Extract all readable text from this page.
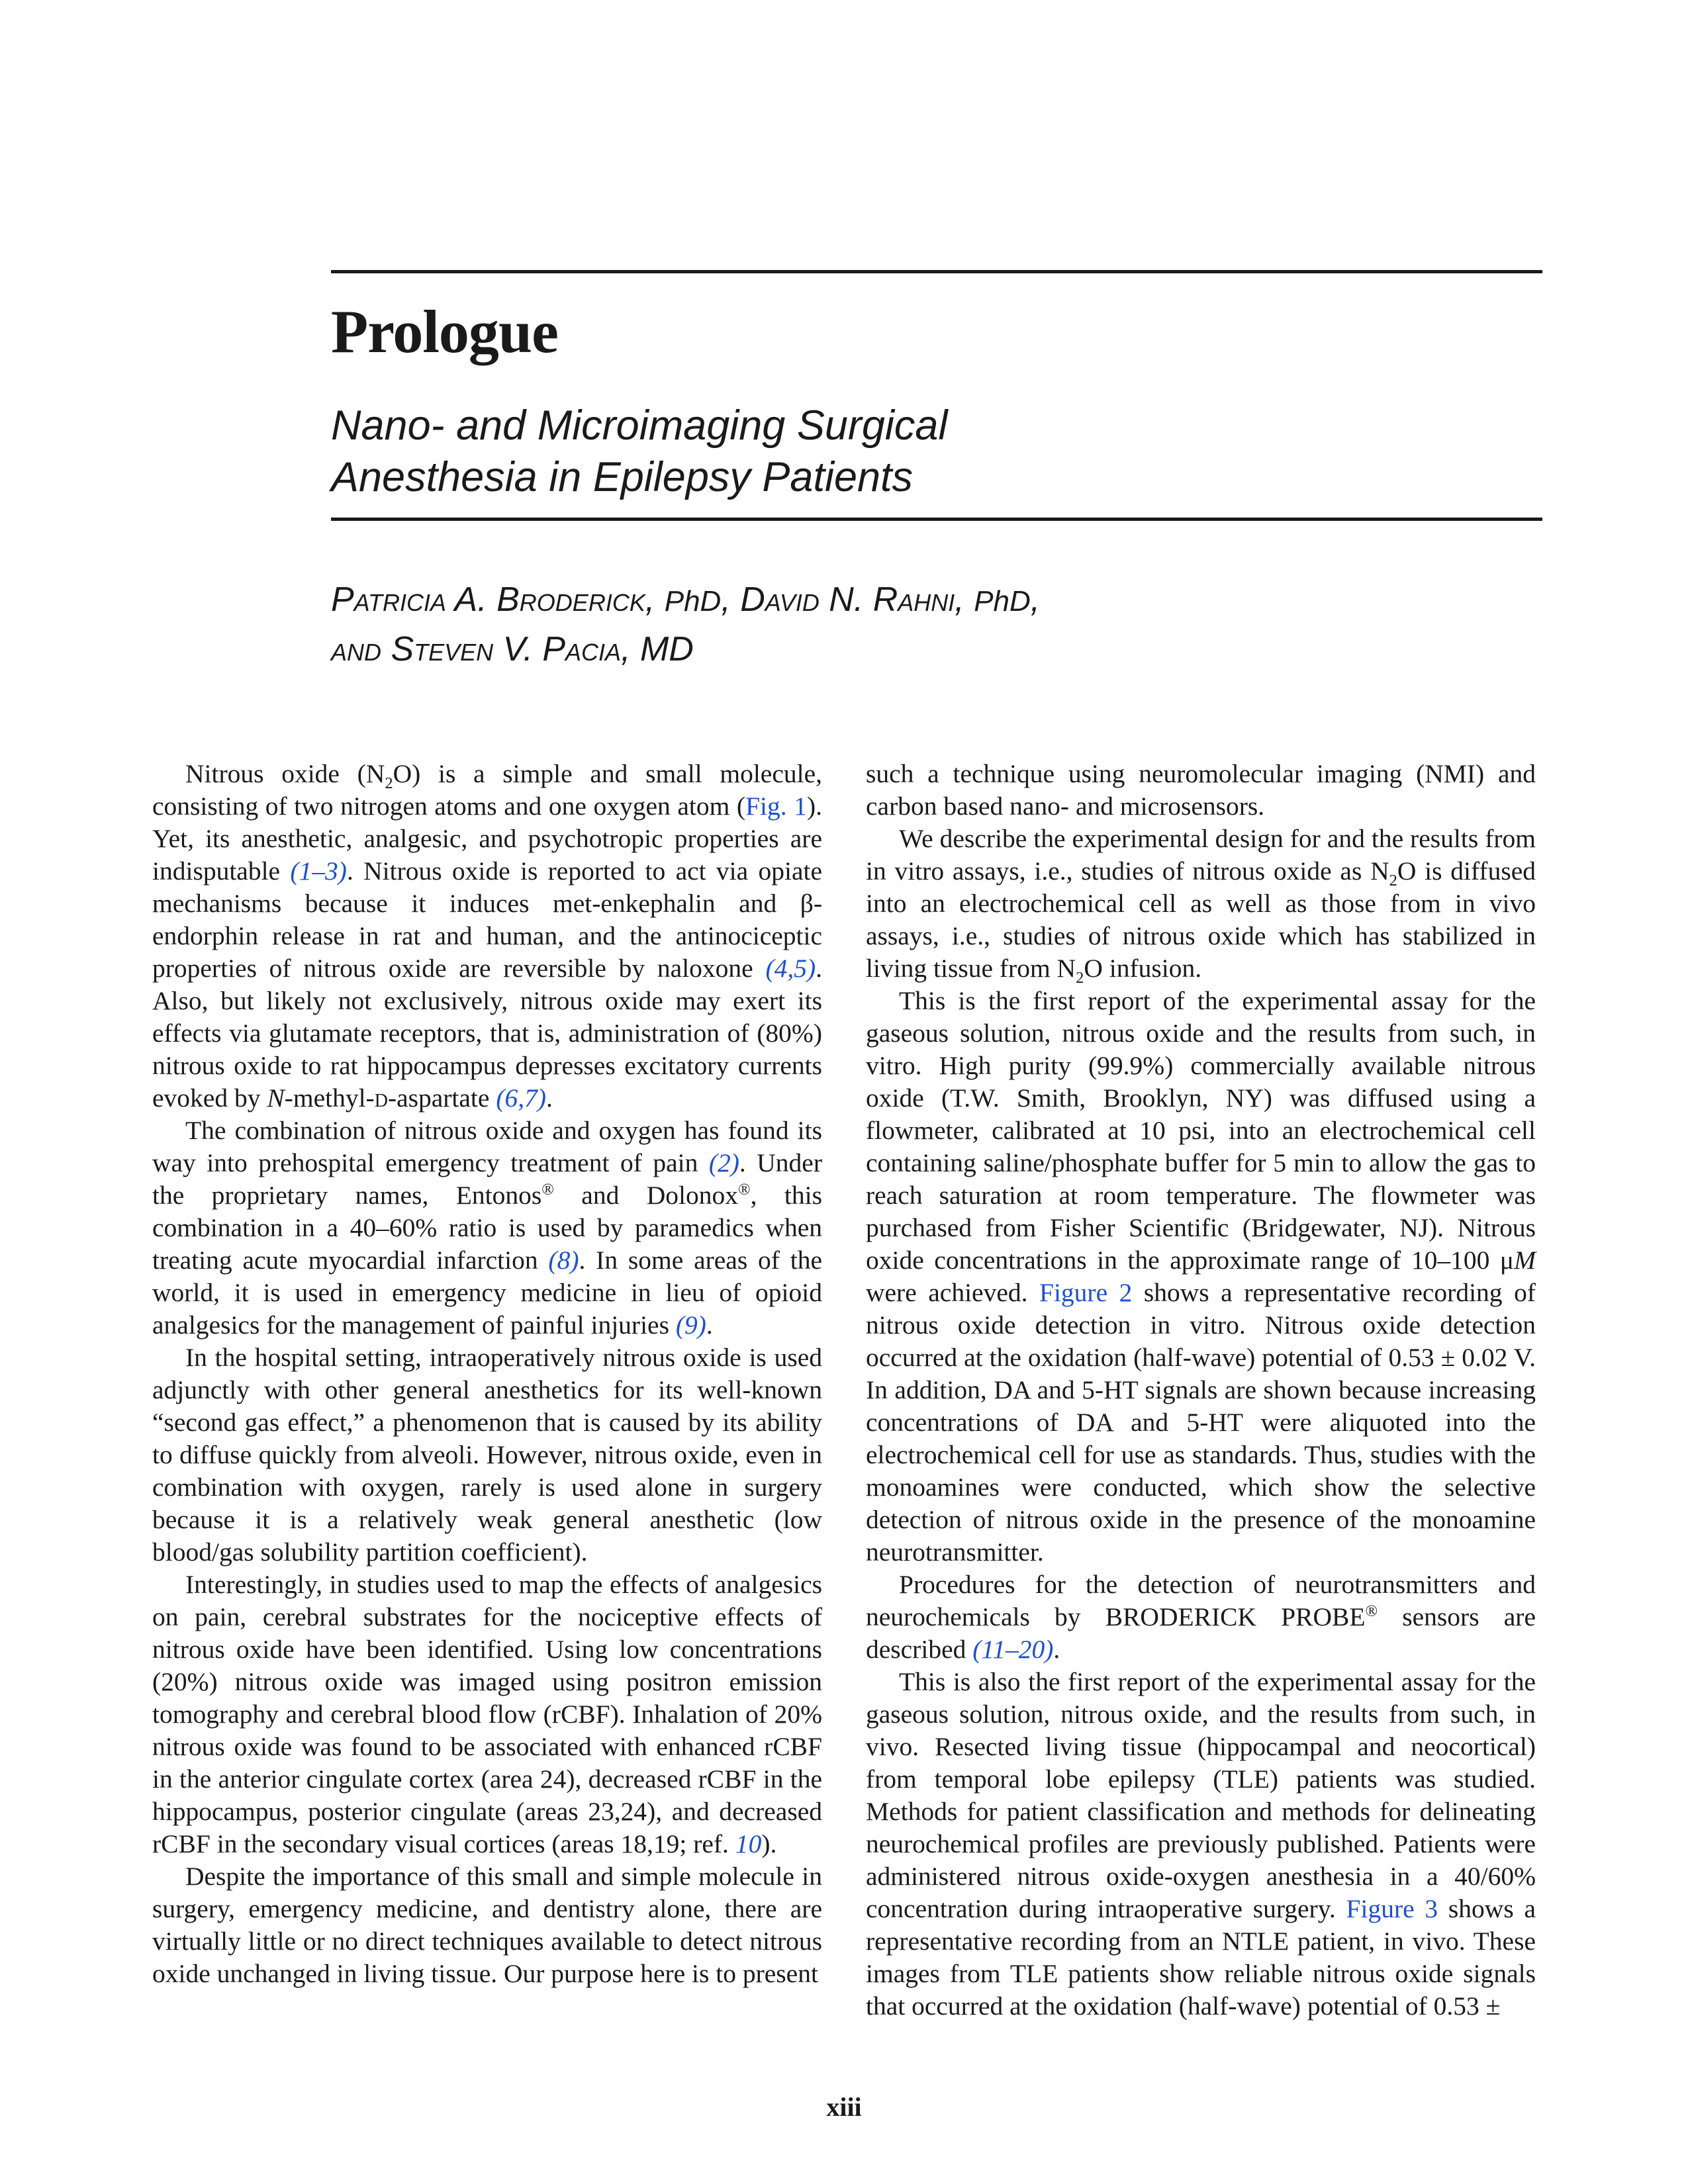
Prologue
Nano- and Microimaging Surgical
Anesthesia in Epilepsy Patients
Patricia A. Broderick, PhD, David N. Rahni, PhD,
and Steven V. Pacia, MD

Nitrous oxide $(N_2O)$ is a simple and small molecule, consisting of two nitrogen atoms and one oxygen atom (Fig. 1). Yet, its anesthetic, analgesic, and psychotropic properties are indisputable (1–3). Nitrous oxide is reported to act via opiate mechanisms because it induces met-enkephalin and β-endorphin release in rat and human, and the antinociceptic properties of nitrous oxide are reversible by naloxone (4,5). Also, but likely not exclusively, nitrous oxide may exert its effects via glutamate receptors, that is, administration of (80%) nitrous oxide to rat hippocampus depresses excitatory currents evoked by N-methyl-d-aspartate (6,7).

The combination of nitrous oxide and oxygen has found its way into prehospital emergency treatment of pain (2). Under the proprietary names, Entonos® and Dolonox®, this combination in a 40–60% ratio is used by paramedics when treating acute myocardial infarction (8). In some areas of the world, it is used in emergency medicine in lieu of opioid analgesics for the management of painful injuries (9).

In the hospital setting, intraoperatively nitrous oxide is used adjunctly with other general anesthetics for its well-known “second gas effect,” a phenomenon that is caused by its ability to diffuse quickly from alveoli. However, nitrous oxide, even in combination with oxygen, rarely is used alone in surgery because it is a relatively weak general anesthetic (low blood/gas solubility partition coefficient).

Interestingly, in studies used to map the effects of analgesics on pain, cerebral substrates for the nociceptive effects of nitrous oxide have been identified. Using low concentrations (20%) nitrous oxide was imaged using positron emission tomography and cerebral blood flow (rCBF). Inhalation of 20% nitrous oxide was found to be associated with enhanced rCBF in the anterior cingulate cortex (area 24), decreased rCBF in the hippocampus, posterior cingulate (areas 23,24), and decreased rCBF in the secondary visual cortices (areas 18,19; ref. 10).

Despite the importance of this small and simple molecule in surgery, emergency medicine, and dentistry alone, there are virtually little or no direct techniques available to detect nitrous oxide unchanged in living tissue. Our purpose here is to present

such a technique using neuromolecular imaging (NMI) and carbon based nano- and microsensors.

We describe the experimental design for and the results from in vitro assays, i.e., studies of nitrous oxide as $N_2O$ is diffused into an electrochemical cell as well as those from in vivo assays, i.e., studies of nitrous oxide which has stabilized in living tissue from $N_2O$ infusion.

This is the first report of the experimental assay for the gaseous solution, nitrous oxide and the results from such, in vitro. High purity (99.9%) commercially available nitrous oxide (T.W. Smith, Brooklyn, NY) was diffused using a flowmeter, calibrated at 10 psi, into an electrochemical cell containing saline/phosphate buffer for 5 min to allow the gas to reach saturation at room temperature. The flowmeter was purchased from Fisher Scientific (Bridgewater, NJ). Nitrous oxide concentrations in the approximate range of 10–100 μM were achieved. Figure 2 shows a representative recording of nitrous oxide detection in vitro. Nitrous oxide detection occurred at the oxidation (half-wave) potential of 0.53 ± 0.02 V. In addition, DA and 5-HT signals are shown because increasing concentrations of DA and 5-HT were aliquoted into the electrochemical cell for use as standards. Thus, studies with the monoamines were conducted, which show the selective detection of nitrous oxide in the presence of the monoamine neurotransmitter.

Procedures for the detection of neurotransmitters and neurochemicals by BRODERICK PROBE® sensors are described (11–20).

This is also the first report of the experimental assay for the gaseous solution, nitrous oxide, and the results from such, in vivo. Resected living tissue (hippocampal and neocortical) from temporal lobe epilepsy (TLE) patients was studied. Methods for patient classification and methods for delineating neurochemical profiles are previously published. Patients were administered nitrous oxide-oxygen anesthesia in a 40/60% concentration during intraoperative surgery. Figure 3 shows a representative recording from an NTLE patient, in vivo. These images from TLE patients show reliable nitrous oxide signals that occurred at the oxidation (half-wave) potential of 0.53 ±

xiii
